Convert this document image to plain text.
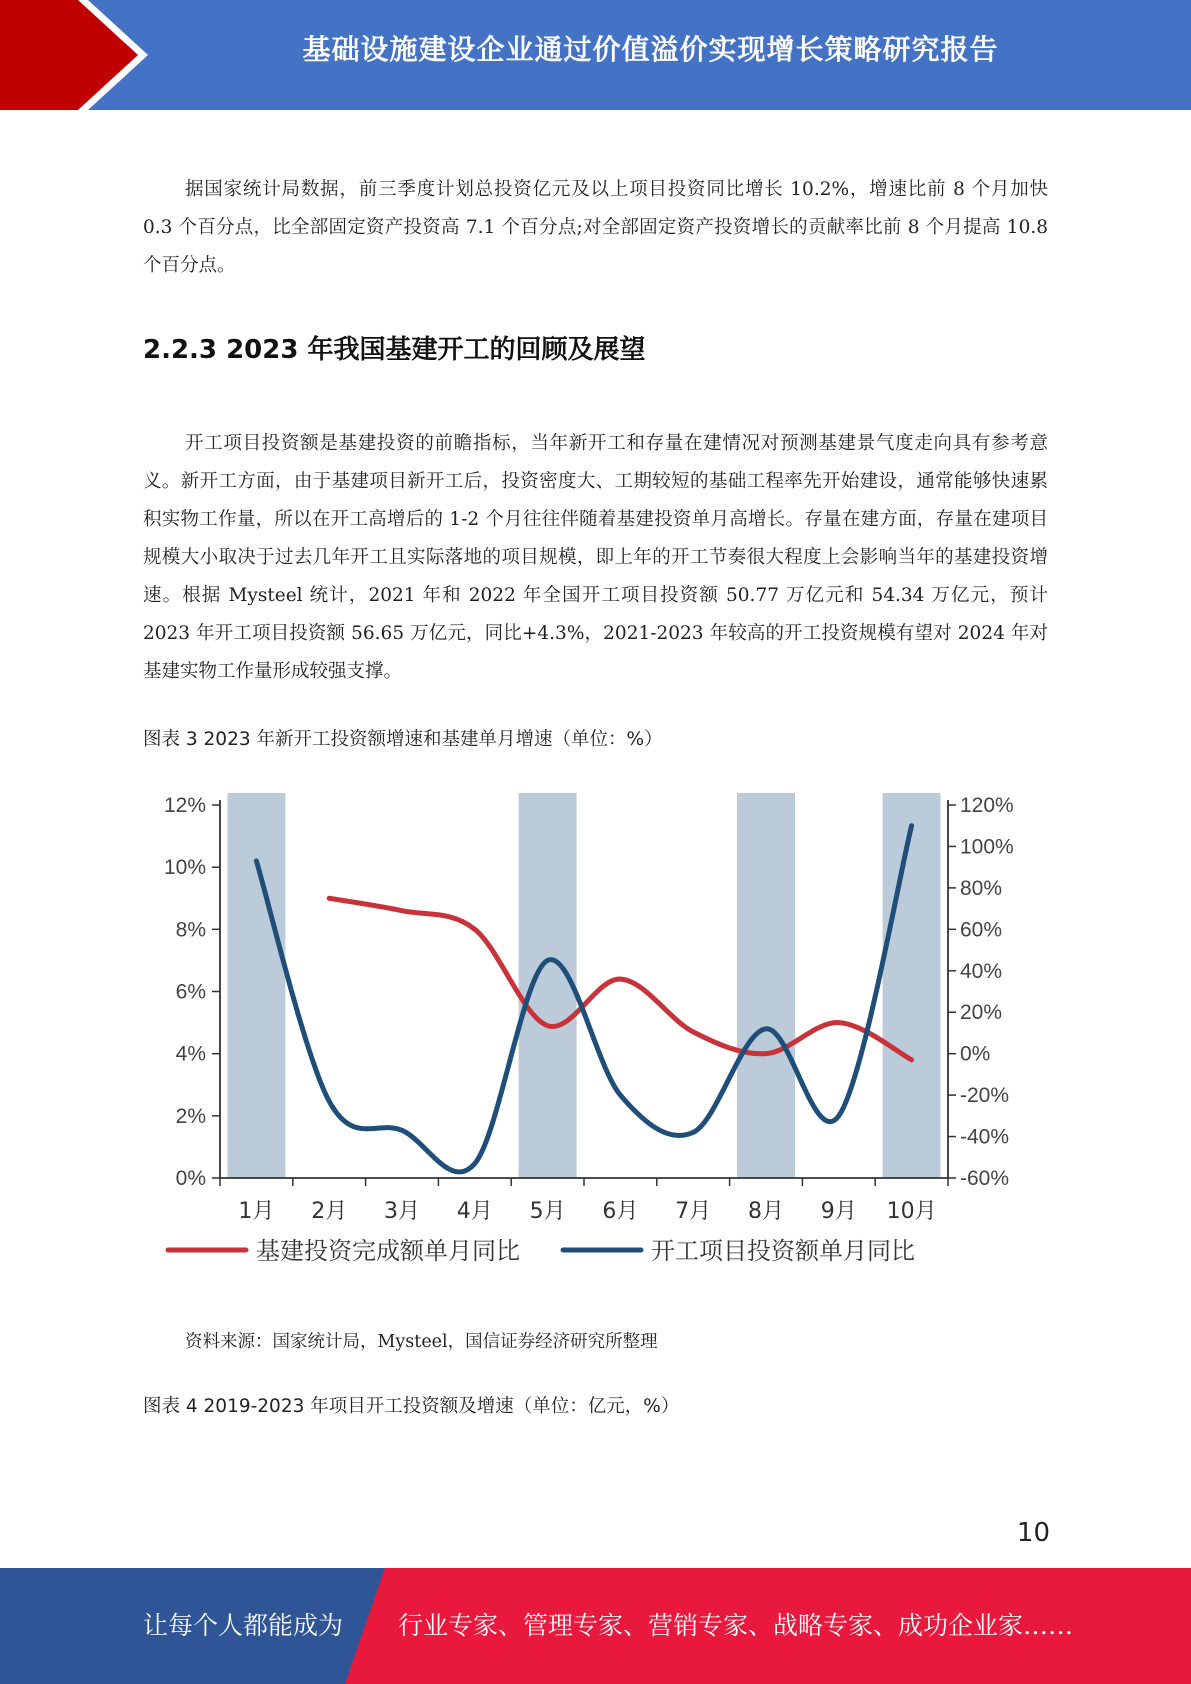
基础设施建设企业通过价值溢价实现增长策略研究报告

据国家统计局数据，前三季度计划总投资亿元及以上项目投资同比增长 10.2%，增速比前 8 个月加快 0.3 个百分点，比全部固定资产投资高 7.1 个百分点;对全部固定资产投资增长的贡献率比前 8 个月提高 10.8 个百分点。

2.2.3 2023 年我国基建开工的回顾及展望

开工项目投资额是基建投资的前瞻指标，当年新开工和存量在建情况对预测基建景气度走向具有参考意义。新开工方面，由于基建项目新开工后，投资密度大、工期较短的基础工程率先开始建设，通常能够快速累积实物工作量，所以在开工高增后的 1-2 个月往往伴随着基建投资单月高增长。存量在建方面，存量在建项目规模大小取决于过去几年开工且实际落地的项目规模，即上年的开工节奏很大程度上会影响当年的基建投资增速。根据 Mysteel 统计，2021 年和 2022 年全国开工项目投资额 50.77 万亿元和 54.34 万亿元，预计 2023 年开工项目投资额 56.65 万亿元，同比+4.3%，2021-2023 年较高的开工投资规模有望对 2024 年对基建实物工作量形成较强支撑。

图表 3 2023 年新开工投资额增速和基建单月增速（单位：%）

0%
2%
4%
6%
8%
10%
12%
-60%
-40%
-20%
0%
20%
40%
60%
80%
100%
120%
1月 2月 3月 4月 5月 6月 7月 8月 9月 10月
基建投资完成额单月同比	开工项目投资额单月同比

资料来源：国家统计局，Mysteel，国信证券经济研究所整理

图表 4 2019-2023 年项目开工投资额及增速（单位：亿元，%）

10
让每个人都能成为 行业专家、管理专家、营销专家、战略专家、成功企业家……
